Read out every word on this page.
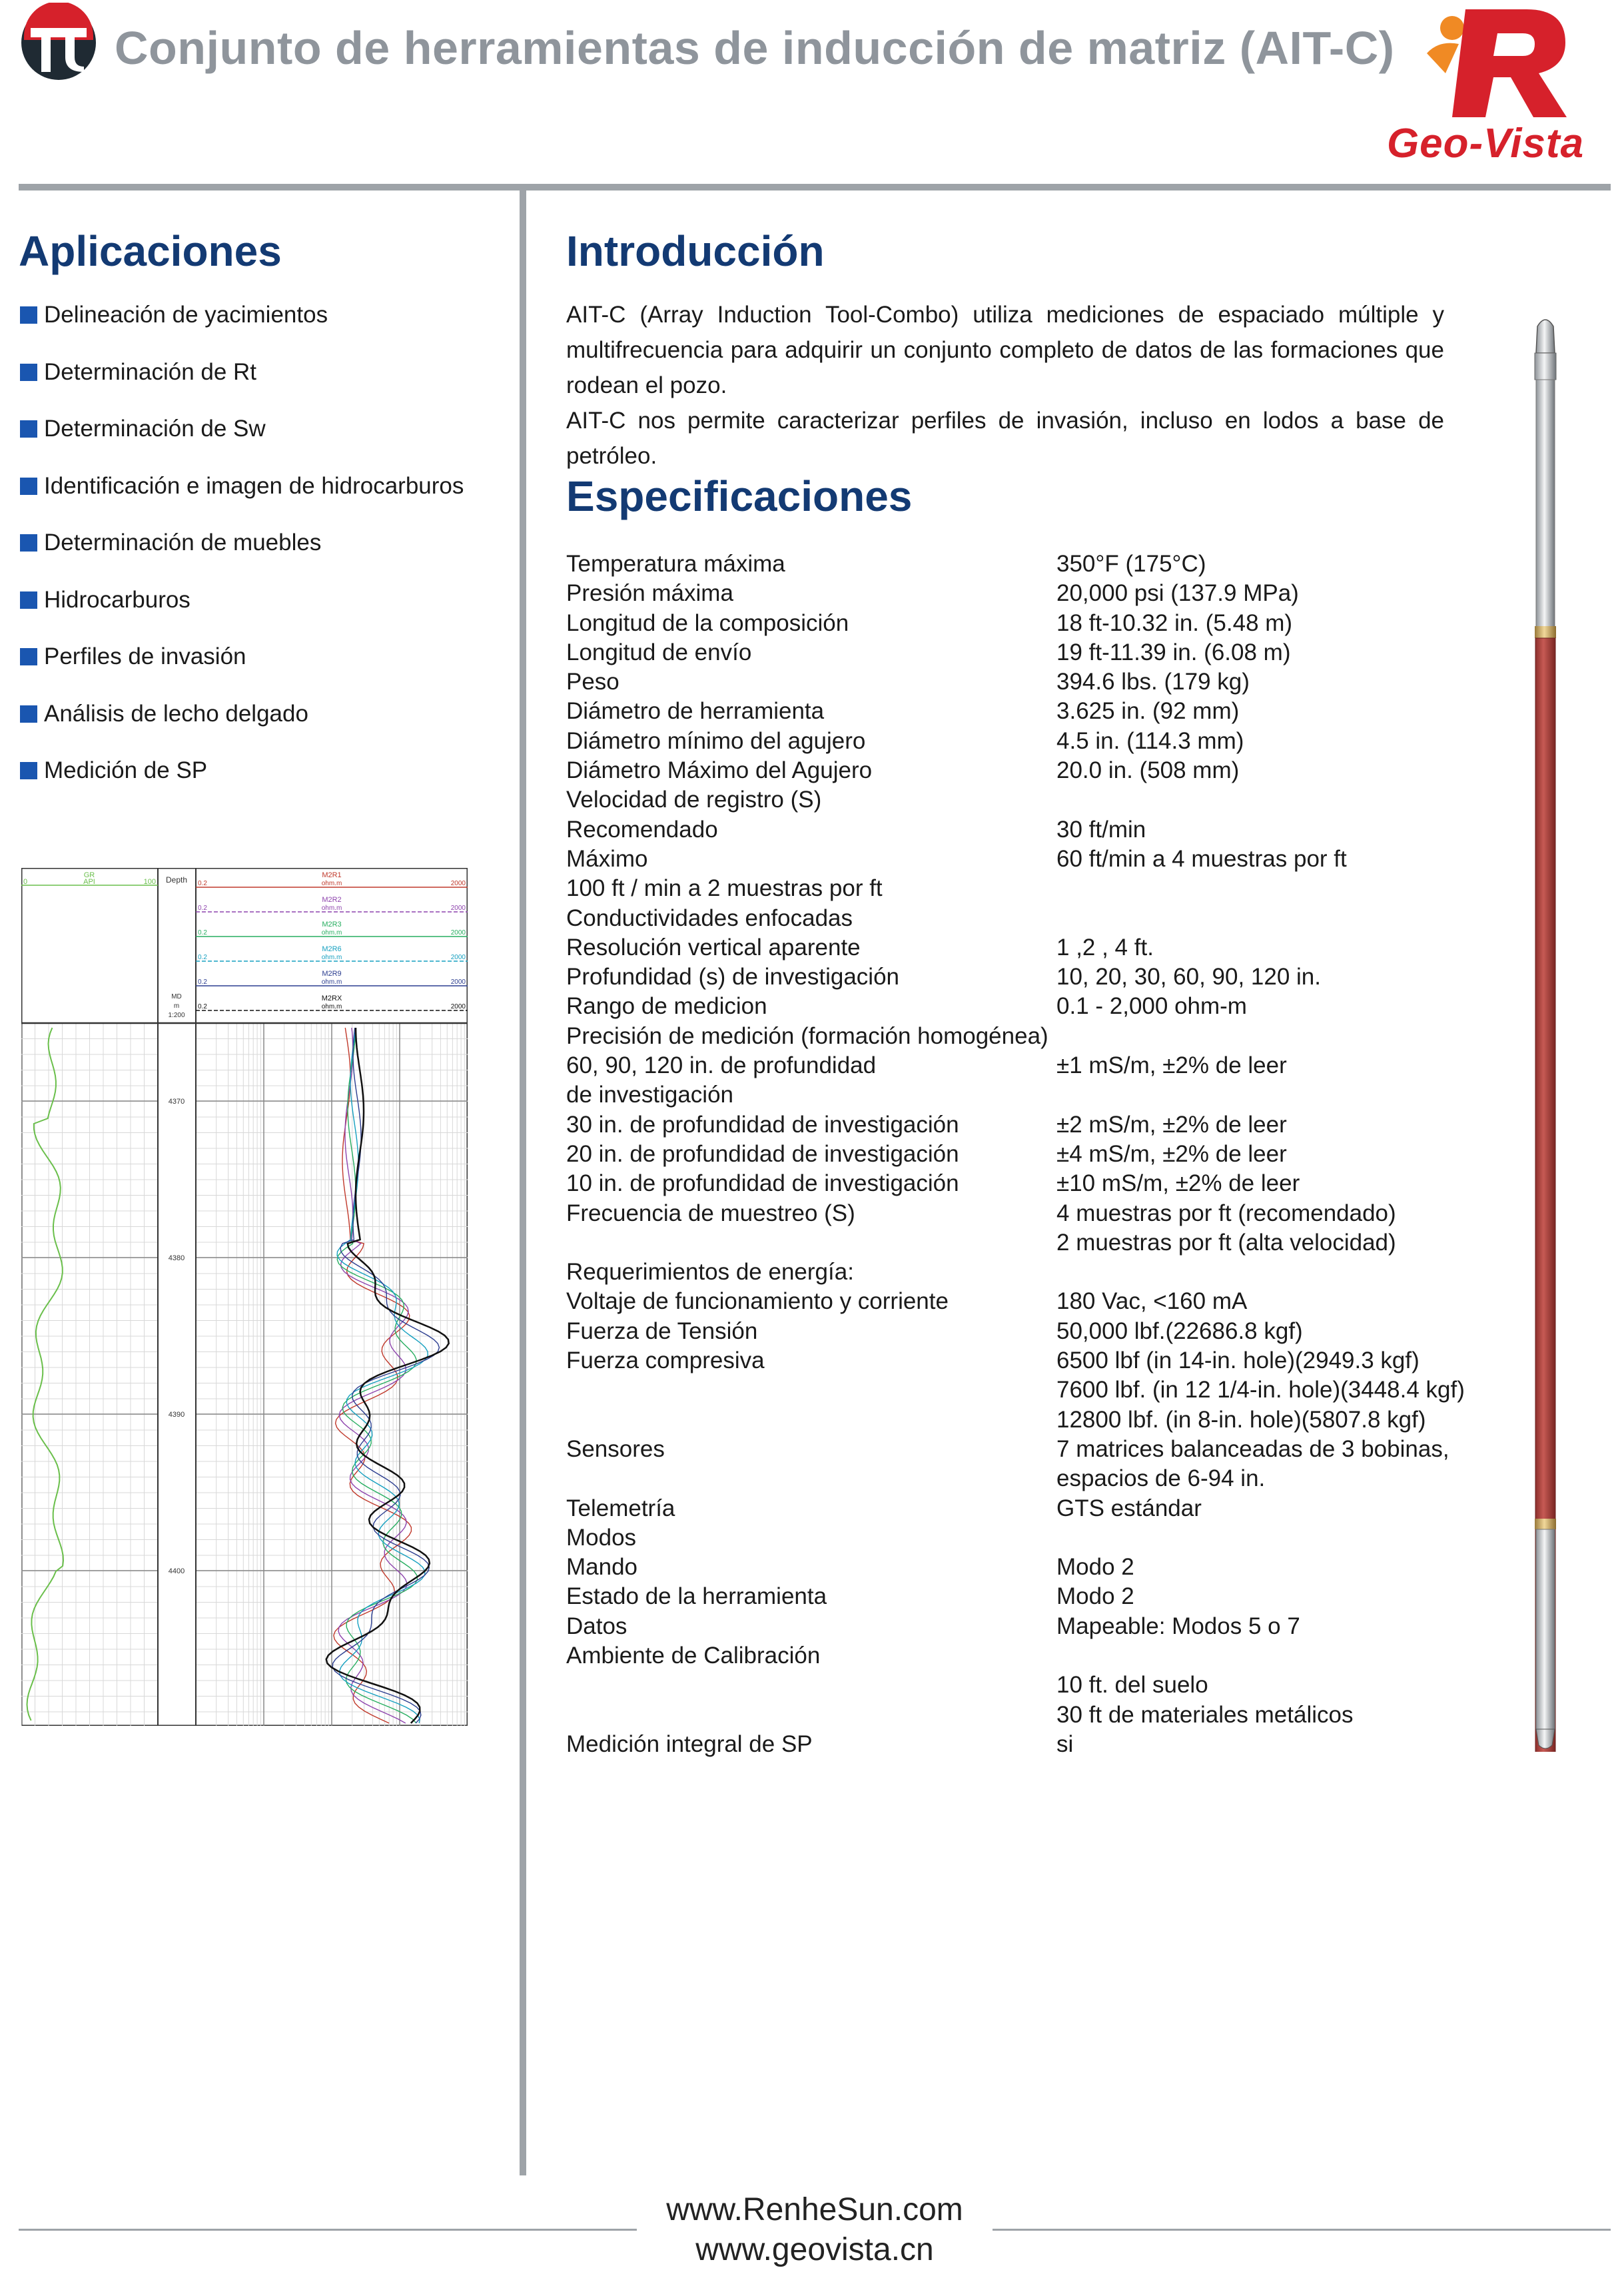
Conjunto de herramientas de inducción de matriz (AIT-C)
Geo-Vista
Aplicaciones
Delineación de yacimientos
Determinación de Rt
Determinación de Sw
Identificación e imagen de hidrocarburos
Determinación de muebles
Hidrocarburos
Perfiles de invasión
Análisis de lecho delgado
Medición de SP
GR
API
0	100 Depth
MD
m
1:200
M2R1
ohm.m
0.2	2000
M2R2
ohm.m
0.2	2000
M2R3
ohm.m
0.2	2000
M2R6
ohm.m
0.2	2000
M2R9
ohm.m
0.2	2000
M2RX
ohm.m
0.2	2000
4370
4380
4390
4400
Introducción

AIT-C (Array Induction Tool-Combo) utiliza mediciones de espaciado múltiple y multifrecuencia para adquirir un conjunto completo de datos de las formaciones que rodean el pozo.

AIT-C nos permite caracterizar perfiles de invasión, incluso en lodos a base de petróleo.

Especificaciones
Temperatura máxima	350°F (175°C)
Presión máxima	20,000 psi (137.9 MPa)
Longitud de la composición	18 ft-10.32 in. (5.48 m)
Longitud de envío	19 ft-11.39 in. (6.08 m)
Peso	394.6 lbs. (179 kg)
Diámetro de herramienta	3.625 in. (92 mm)
Diámetro mínimo del agujero	4.5 in. (114.3 mm)
Diámetro Máximo del Agujero	20.0 in. (508 mm)
Velocidad de registro (S)	
Recomendado	30 ft/min
Máximo	60 ft/min a 4 muestras por ft
100 ft / min a 2 muestras por ft	
Conductividades enfocadas	
Resolución vertical aparente	1 ,2 , 4 ft.
Profundidad (s) de investigación	10, 20, 30, 60, 90, 120 in.
Rango de medicion	0.1 - 2,000 ohm-m
Precisión de medición (formación homogénea)	
60, 90, 120 in. de profundidad	±1 mS/m, ±2% de leer
de investigación	
30 in. de profundidad de investigación	±2 mS/m, ±2% de leer
20 in. de profundidad de investigación	±4 mS/m, ±2% de leer
10 in. de profundidad de investigación	±10 mS/m, ±2% de leer
Frecuencia de muestreo (S)	4 muestras por ft (recomendado)
	2 muestras por ft (alta velocidad)
Requerimientos de energía:	
Voltaje de funcionamiento y corriente	180 Vac, <160 mA
Fuerza de Tensión	50,000 lbf.(22686.8 kgf)
Fuerza compresiva	6500 lbf (in 14-in. hole)(2949.3 kgf)
	7600 lbf. (in 12 1/4-in. hole)(3448.4 kgf)
	12800 lbf. (in 8-in. hole)(5807.8 kgf)
Sensores	7 matrices balanceadas de 3 bobinas,
	espacios de 6-94 in.
Telemetría	GTS estándar
Modos	
Mando	Modo 2
Estado de la herramienta	Modo 2
Datos	Mapeable: Modos 5 o 7
Ambiente de Calibración	
	10 ft. del suelo
	30 ft de materiales metálicos
Medición integral de SP	si
www.RenheSun.com
www.geovista.cn
